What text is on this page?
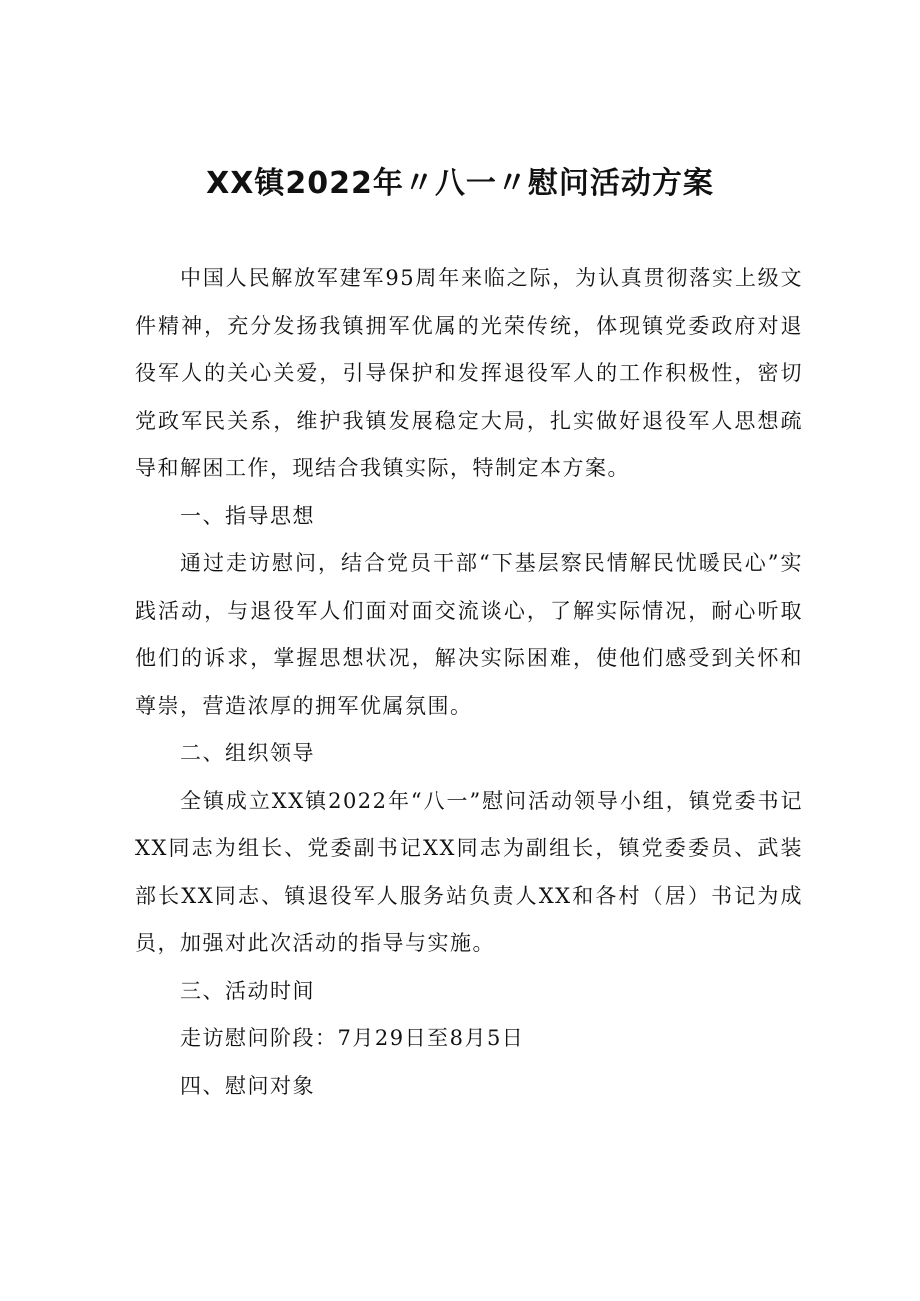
XX镇2022年〃八一〃慰问活动方案

中国人民解放军建军95周年来临之际，为认真贯彻落实上级文件精神，充分发扬我镇拥军优属的光荣传统，体现镇党委政府对退役军人的关心关爱，引导保护和发挥退役军人的工作积极性，密切党政军民关系，维护我镇发展稳定大局，扎实做好退役军人思想疏导和解困工作，现结合我镇实际，特制定本方案。

一、指导思想

通过走访慰问，结合党员干部“下基层察民情解民忧暖民心”实践活动，与退役军人们面对面交流谈心，了解实际情况，耐心听取他们的诉求，掌握思想状况，解决实际困难，使他们感受到关怀和尊崇，营造浓厚的拥军优属氛围。

二、组织领导

全镇成立XX镇2022年“八一”慰问活动领导小组，镇党委书记XX同志为组长、党委副书记XX同志为副组长，镇党委委员、武装部长XX同志、镇退役军人服务站负责人XX和各村（居）书记为成员，加强对此次活动的指导与实施。

三、活动时间

走访慰问阶段：7月29日至8月5日

四、慰问对象
